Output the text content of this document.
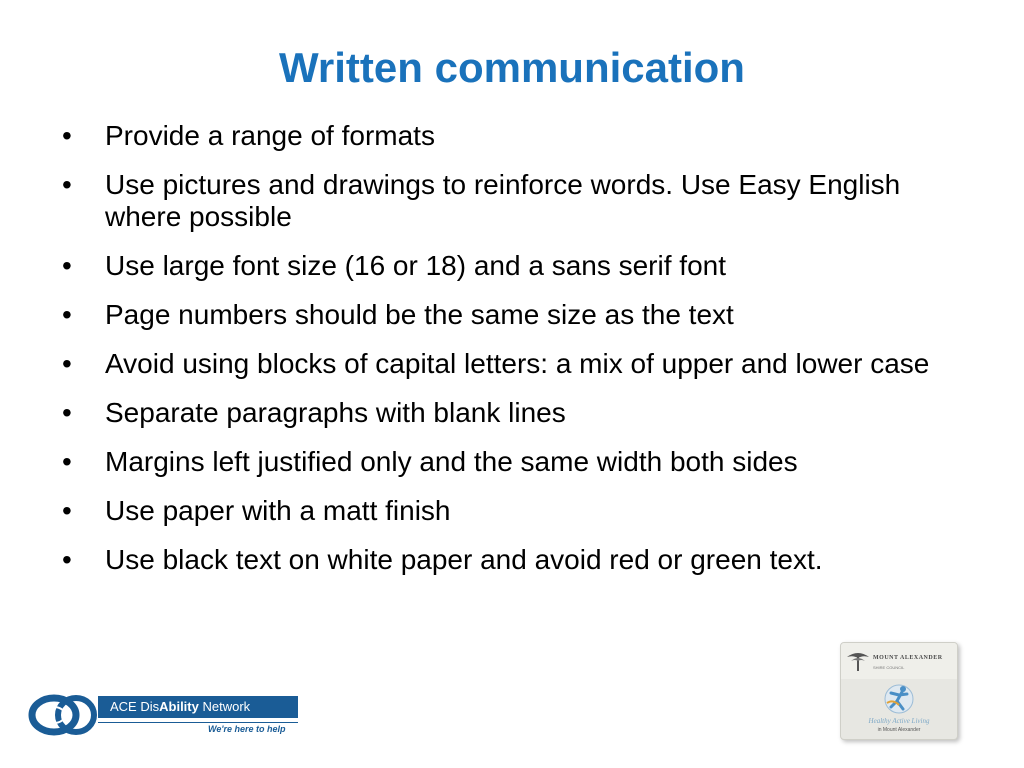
Written communication
•	Provide a range of formats
•	Use pictures and drawings to reinforce words. Use Easy English where possible
•	Use large font size (16 or 18) and a sans serif font
•	Page numbers should be the same size as the text
•	Avoid using blocks of capital letters: a mix of upper and lower case
•	Separate paragraphs with blank lines
•	Margins left justified only and the same width both sides
•	Use paper with a matt finish
•	Use black text on white paper and avoid red or green text.
ACE DisAbility Network
We're here to help
MOUNT ALEXANDER
SHIRE COUNCIL
Healthy Active Living
in Mount Alexander
